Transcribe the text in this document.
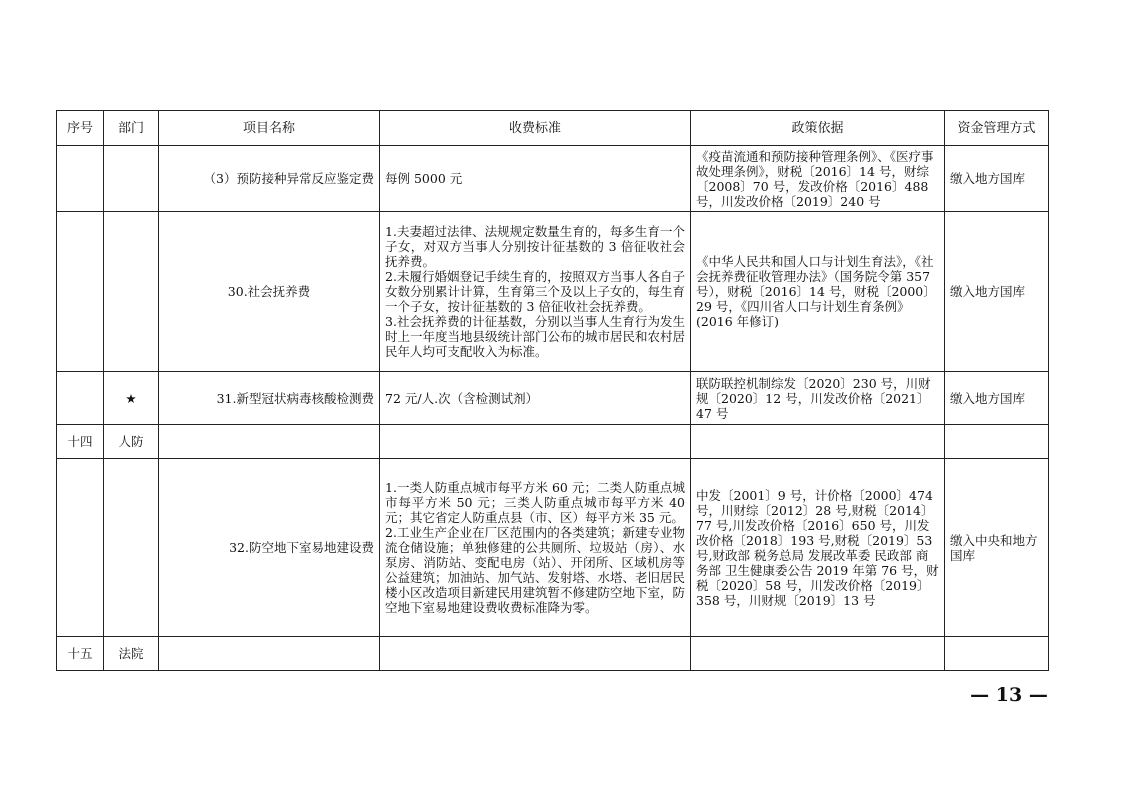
序号	部门	项目名称	收费标准	政策依据	资金管理方式
		（3）预防接种异常反应鉴定费	每例 5000 元	《疫苗流通和预防接种管理条例》、《医疗事故处理条例》，财税〔2016〕14 号，财综〔2008〕70 号，发改价格〔2016〕488 号，川发改价格〔2019〕240 号	缴入地方国库
		30.社会抚养费	1.夫妻超过法律、法规规定数量生育的，每多生育一个子女，对双方当事人分别按计征基数的 3 倍征收社会抚养费。
2.未履行婚姻登记手续生育的，按照双方当事人各自子女数分别累计计算，生育第三个及以上子女的，每生育一个子女，按计征基数的 3 倍征收社会抚养费。
3.社会抚养费的计征基数，分别以当事人生育行为发生时上一年度当地县级统计部门公布的城市居民和农村居民年人均可支配收入为标准。	《中华人民共和国人口与计划生育法》，《社会抚养费征收管理办法》（国务院令第 357 号），财税〔2016〕14 号，财税〔2000〕29 号，《四川省人口与计划生育条例》(2016 年修订)	缴入地方国库
	★	31.新型冠状病毒核酸检测费	72 元/人.次（含检测试剂）	联防联控机制综发〔2020〕230 号，川财规〔2020〕12 号，川发改价格〔2021〕47 号	缴入地方国库
十四	人防				
		32.防空地下室易地建设费	1.一类人防重点城市每平方米 60 元；二类人防重点城市每平方米 50 元；三类人防重点城市每平方米 40 元；其它省定人防重点县（市、区）每平方米 35 元。
2.工业生产企业在厂区范围内的各类建筑；新建专业物流仓储设施；单独修建的公共厕所、垃圾站（房）、水泵房、消防站、变配电房（站）、开闭所、区域机房等公益建筑；加油站、加气站、发射塔、水塔、老旧居民楼小区改造项目新建民用建筑暂不修建防空地下室，防空地下室易地建设费收费标准降为零。	中发〔2001〕9 号，计价格〔2000〕474 号，川财综〔2012〕28 号,财税〔2014〕77 号,川发改价格〔2016〕650 号，川发改价格〔2018〕193 号,财税〔2019〕53 号,财政部 税务总局 发展改革委 民政部 商务部 卫生健康委公告 2019 年第 76 号，财税〔2020〕58 号，川发改价格〔2019〕358 号，川财规〔2019〕13 号	缴入中央和地方国库
十五	法院				
— 13 —
